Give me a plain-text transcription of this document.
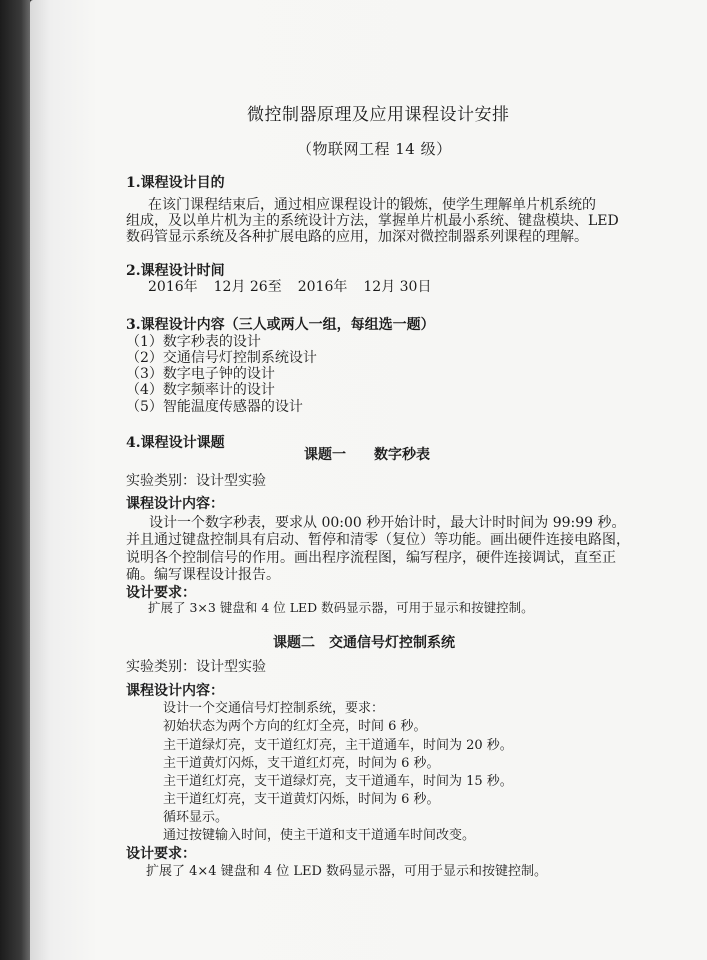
微控制器原理及应用课程设计安排
（物联网工程 14 级）
1.课程设计目的
在该门课程结束后，通过相应课程设计的锻炼，使学生理解单片机系统的
组成，及以单片机为主的系统设计方法，掌握单片机最小系统、键盘模块、LED
数码管显示系统及各种扩展电路的应用，加深对微控制器系列课程的理解。
2.课程设计时间
2016年 12月 26至 2016年 12月 30日
3.课程设计内容（三人或两人一组，每组选一题）
（1）数字秒表的设计
（2）交通信号灯控制系统设计
（3）数字电子钟的设计
（4）数字频率计的设计
（5）智能温度传感器的设计
4.课程设计课题
课题一　　数字秒表
实验类别：设计型实验
课程设计内容：
设计一个数字秒表，要求从 00:00 秒开始计时，最大计时时间为 99:99 秒。
并且通过键盘控制具有启动、暂停和清零（复位）等功能。画出硬件连接电路图，
说明各个控制信号的作用。画出程序流程图，编写程序，硬件连接调试，直至正
确。编写课程设计报告。
设计要求：
扩展了 3×3 键盘和 4 位 LED 数码显示器，可用于显示和按键控制。
课题二　交通信号灯控制系统
实验类别：设计型实验
课程设计内容：
设计一个交通信号灯控制系统，要求：
初始状态为两个方向的红灯全亮，时间 6 秒。
主干道绿灯亮，支干道红灯亮，主干道通车，时间为 20 秒。
主干道黄灯闪烁，支干道红灯亮，时间为 6 秒。
主干道红灯亮，支干道绿灯亮，支干道通车，时间为 15 秒。
主干道红灯亮，支干道黄灯闪烁，时间为 6 秒。
循环显示。
通过按键输入时间，使主干道和支干道通车时间改变。
设计要求：
扩展了 4×4 键盘和 4 位 LED 数码显示器，可用于显示和按键控制。
